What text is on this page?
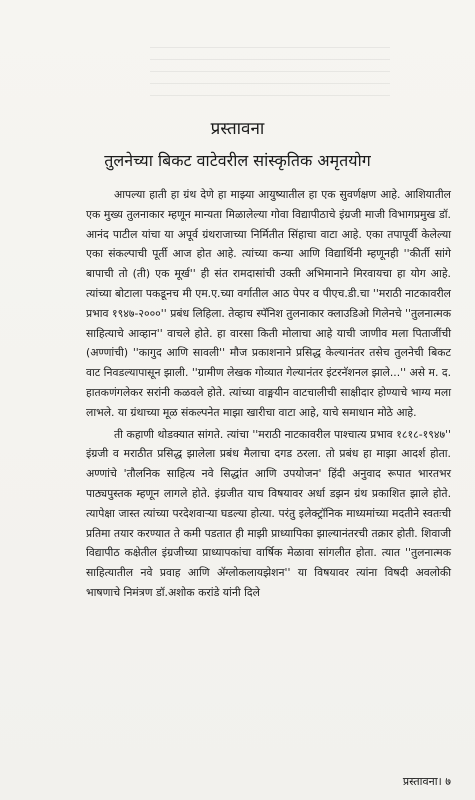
प्रस्तावना
तुलनेच्या बिकट वाटेवरील सांस्कृतिक अमृतयोग

आपल्या हाती हा ग्रंथ देणे हा माझ्या आयुष्यातील हा एक सुवर्णक्षण आहे. आशियातील एक मुख्य तुलनाकार म्हणून मान्यता मिळालेल्या गोवा विद्यापीठाचे इंग्रजी माजी विभागप्रमुख डॉ. आनंद पाटील यांचा या अपूर्व ग्रंथराजाच्या निर्मितीत सिंहाचा वाटा आहे. एका तपापूर्वी केलेल्या एका संकल्पाची पूर्ती आज होत आहे. त्यांच्या कन्या आणि विद्यार्थिनी म्हणूनही ''कीर्ती सांगे बापाची तो (ती) एक मूर्ख'' ही संत रामदासांची उक्ती अभिमानाने मिरवायचा हा योग आहे. त्यांच्या बोटाला पकडूनच मी एम.ए.च्या वर्गातील आठ पेपर व पीएच.डी.चा ''मराठी नाटकावरील प्रभाव १९४७-२०००'' प्रबंध लिहिला. तेव्हाच स्पॅनिश तुलनाकार क्लाउडिओ गिलेनचे ''तुलनात्मक साहित्याचे आव्हान'' वाचले होते. हा वारसा किती मोलाचा आहे याची जाणीव मला पिताजींची (अण्णांची) ''कागुद आणि सावली'' मौज प्रकाशनाने प्रसिद्ध केल्यानंतर तसेच तुलनेची बिकट वाट निवडल्यापासून झाली. ''ग्रामीण लेखक गोव्यात गेल्यानंतर इंटरनॅशनल झाले...'' असे म. द. हातकणंगलेकर सरांनी कळवले होते. त्यांच्या वाङ्मयीन वाटचालीची साक्षीदार होण्याचे भाग्य मला लाभले. या ग्रंथाच्या मूळ संकल्पनेत माझा खारीचा वाटा आहे, याचे समाधान मोठे आहे.

ती कहाणी थोडक्यात सांगते. त्यांचा ''मराठी नाटकावरील पाश्चात्य प्रभाव १८१८-१९४७'' इंग्रजी व मराठीत प्रसिद्ध झालेला प्रबंध मैलाचा दगड ठरला. तो प्रबंध हा माझा आदर्श होता. अण्णांचे 'तौलनिक साहित्य नवे सिद्धांत आणि उपयोजन' हिंदी अनुवाद रूपात भारतभर पाठ्यपुस्तक म्हणून लागले होते. इंग्रजीत याच विषयावर अर्धा डझन ग्रंथ प्रकाशित झाले होते. त्यापेक्षा जास्त त्यांच्या परदेशवाऱ्या घडल्या होत्या. परंतु इलेक्ट्रॉनिक माध्यमांच्या मदतीने स्वतःची प्रतिमा तयार करण्यात ते कमी पडतात ही माझी प्राध्यापिका झाल्यानंतरची तक्रार होती. शिवाजी विद्यापीठ कक्षेतील इंग्रजीच्या प्राध्यापकांचा वार्षिक मेळावा सांगलीत होता. त्यात ''तुलनात्मक साहित्यातील नवे प्रवाह आणि ॲग्लोकलायझेशन'' या विषयावर त्यांना विषदी अवलोकी भाषणाचे निमंत्रण डॉ.अशोक करांडे यांनी दिले

प्रस्तावना। ७
